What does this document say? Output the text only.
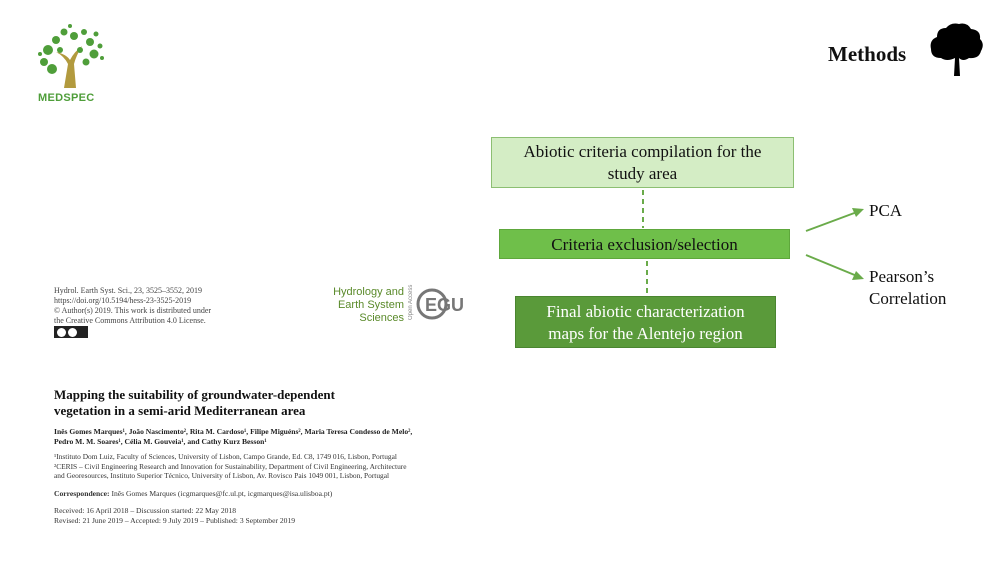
MEDSPEC
Methods
Abiotic criteria compilation for the
study area
Criteria exclusion/selection
Final abiotic characterization
maps for the Alentejo region
PCA
Pearson’s
Correlation
Hydrol. Earth Syst. Sci., 23, 3525–3552, 2019
https://doi.org/10.5194/hess-23-3525-2019
© Author(s) 2019. This work is distributed under
the Creative Commons Attribution 4.0 License.
Hydrology and
Earth System
Sciences Open Access EGU
Mapping the suitability of groundwater-dependent
vegetation in a semi-arid Mediterranean area
Inês Gomes Marques¹, João Nascimento², Rita M. Cardoso¹, Filipe Miguéns², Maria Teresa Condesso de Melo²,
Pedro M. M. Soares¹, Célia M. Gouveia¹, and Cathy Kurz Besson¹
¹Instituto Dom Luiz, Faculty of Sciences, University of Lisbon, Campo Grande, Ed. C8, 1749 016, Lisbon, Portugal
²CERIS – Civil Engineering Research and Innovation for Sustainability, Department of Civil Engineering, Architecture
and Georesources, Instituto Superior Técnico, University of Lisbon, Av. Rovisco Pais 1049 001, Lisbon, Portugal
Correspondence: Inês Gomes Marques (icgmarques@fc.ul.pt, icgmarques@isa.ulisboa.pt)
Received: 16 April 2018 – Discussion started: 22 May 2018
Revised: 21 June 2019 – Accepted: 9 July 2019 – Published: 3 September 2019
